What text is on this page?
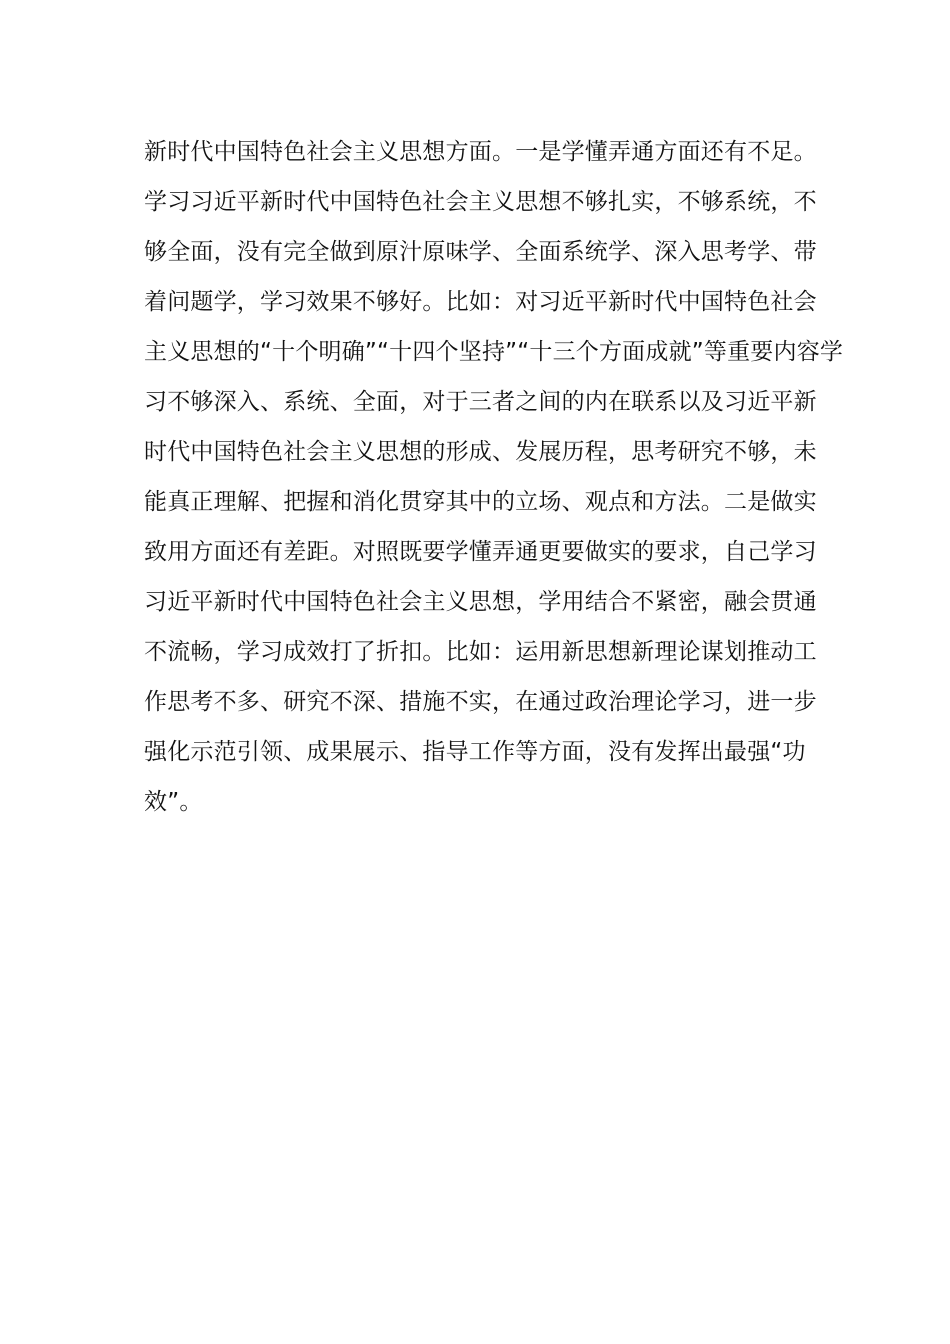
新时代中国特色社会主义思想方面。一是学懂弄通方面还有不足。
学习习近平新时代中国特色社会主义思想不够扎实，不够系统，不
够全面，没有完全做到原汁原味学、全面系统学、深入思考学、带
着问题学，学习效果不够好。比如：对习近平新时代中国特色社会
主义思想的“十个明确”“十四个坚持”“十三个方面成就”等重要内容学
习不够深入、系统、全面，对于三者之间的内在联系以及习近平新
时代中国特色社会主义思想的形成、发展历程，思考研究不够，未
能真正理解、把握和消化贯穿其中的立场、观点和方法。二是做实
致用方面还有差距。对照既要学懂弄通更要做实的要求，自己学习
习近平新时代中国特色社会主义思想，学用结合不紧密，融会贯通
不流畅，学习成效打了折扣。比如：运用新思想新理论谋划推动工
作思考不多、研究不深、措施不实，在通过政治理论学习，进一步
强化示范引领、成果展示、指导工作等方面，没有发挥出最强“功
效”。
